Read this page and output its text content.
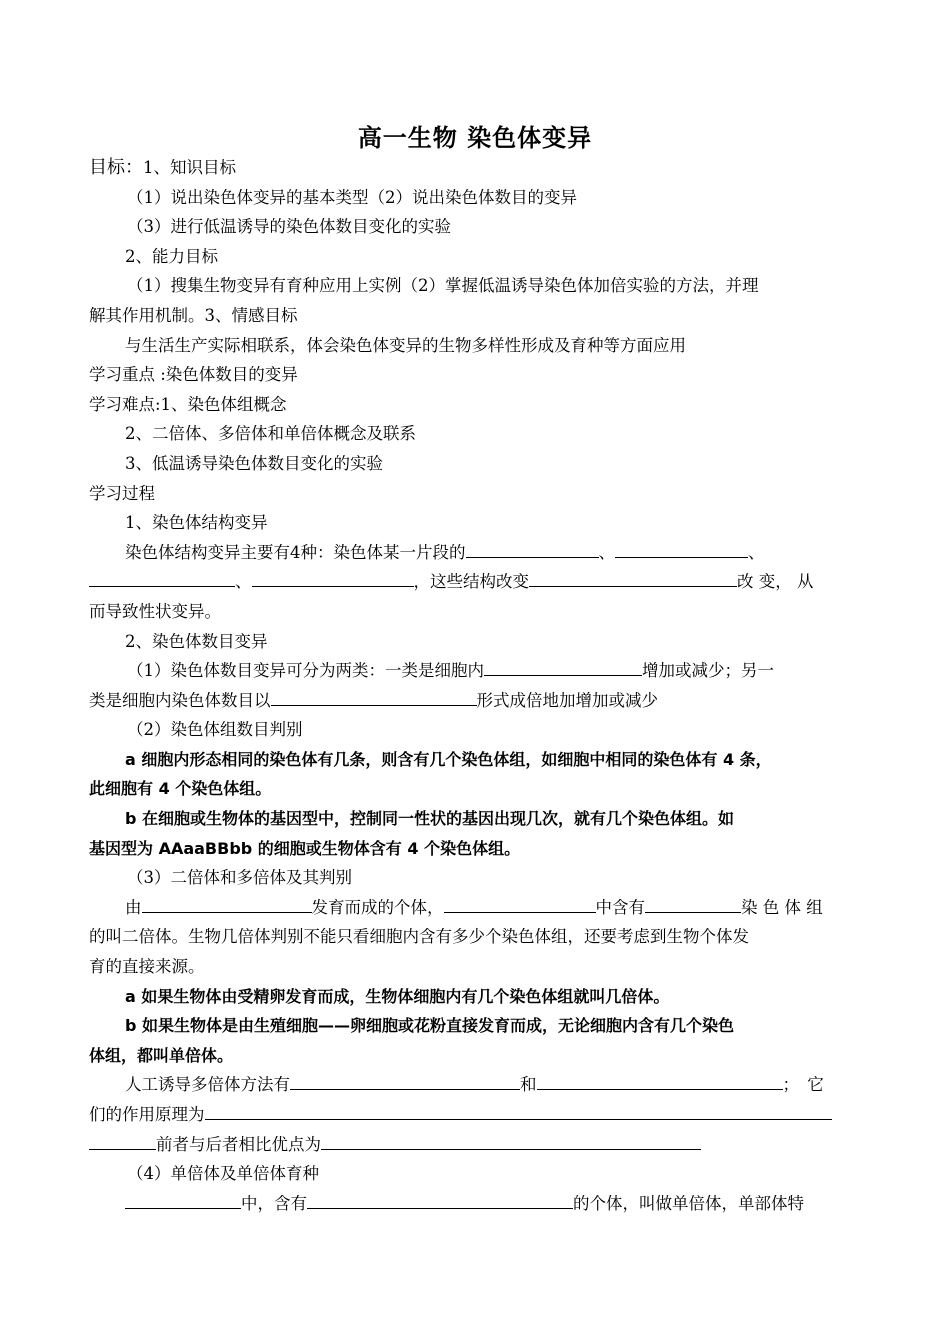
高一生物 染色体变异

目标：1、知识目标

（1）说出染色体变异的基本类型（2）说出染色体数目的变异

（3）进行低温诱导的染色体数目变化的实验

2、能力目标

（1）搜集生物变异有育种应用上实例（2）掌握低温诱导染色体加倍实验的方法，并理

解其作用机制。3、情感目标

与生活生产实际相联系，体会染色体变异的生物多样性形成及育种等方面应用

学习重点 :染色体数目的变异

学习难点:1、染色体组概念

2、二倍体、多倍体和单倍体概念及联系

3、低温诱导染色体数目变化的实验

学习过程

1、染色体结构变异

染色体结构变异主要有4种：染色体某一片段的	、	、

、	，这些结构改变	改 变， 从

而导致性状变异。

2、染色体数目变异

（1）染色体数目变异可分为两类：一类是细胞内	增加或减少；另一

类是细胞内染色体数目以	形式成倍地加增加或减少

（2）染色体组数目判别

a 细胞内形态相同的染色体有几条，则含有几个染色体组，如细胞中相同的染色体有 4 条，

此细胞有 4 个染色体组。

b 在细胞或生物体的基因型中，控制同一性状的基因出现几次，就有几个染色体组。如

基因型为 AAaaBBbb 的细胞或生物体含有 4 个染色体组。

（3）二倍体和多倍体及其判别

由	发育而成的个体，	中含有	染 色 体 组

的叫二倍体。生物几倍体判别不能只看细胞内含有多少个染色体组，还要考虑到生物个体发

育的直接来源。

a 如果生物体由受精卵发育而成，生物体细胞内有几个染色体组就叫几倍体。

b 如果生物体是由生殖细胞——卵细胞或花粉直接发育而成，无论细胞内含有几个染色

体组，都叫单倍体。

人工诱导多倍体方法有	和	；　它

们的作用原理为

前者与后者相比优点为

（4）单倍体及单倍体育种

中，含有	的个体，叫做单倍体，单部体特
